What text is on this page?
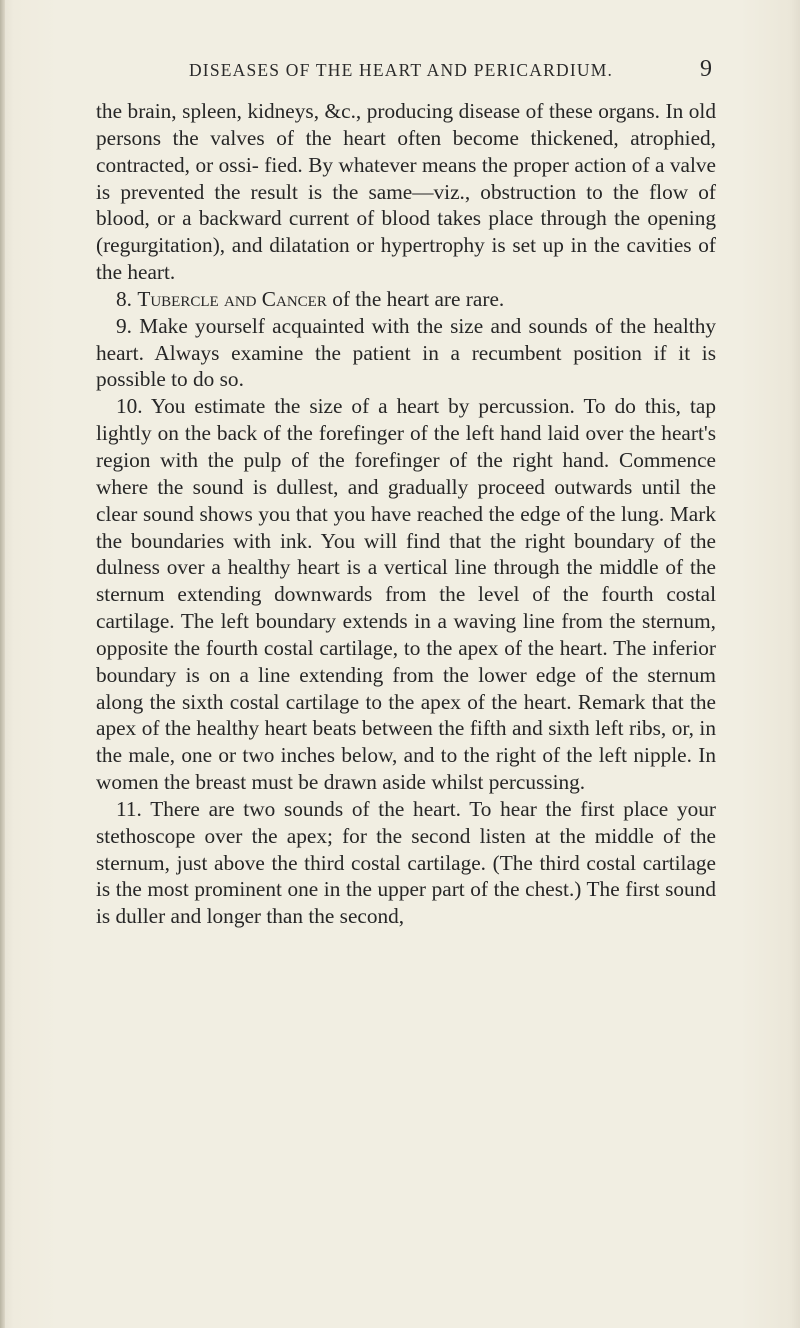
DISEASES OF THE HEART AND PERICARDIUM.	9

the brain, spleen, kidneys, &c., producing disease of these organs. In old persons the valves of the heart often become thickened, atrophied, contracted, or ossi- fied. By whatever means the proper action of a valve is prevented the result is the same—viz., obstruction to the flow of blood, or a backward current of blood takes place through the opening (regurgitation), and dilatation or hypertrophy is set up in the cavities of the heart.

8. Tubercle and Cancer of the heart are rare.

9. Make yourself acquainted with the size and sounds of the healthy heart. Always examine the patient in a recumbent position if it is possible to do so.

10. You estimate the size of a heart by percussion. To do this, tap lightly on the back of the forefinger of the left hand laid over the heart's region with the pulp of the forefinger of the right hand. Commence where the sound is dullest, and gradually proceed outwards until the clear sound shows you that you have reached the edge of the lung. Mark the boundaries with ink. You will find that the right boundary of the dulness over a healthy heart is a vertical line through the middle of the sternum extending downwards from the level of the fourth costal cartilage. The left boundary extends in a waving line from the sternum, opposite the fourth costal cartilage, to the apex of the heart. The inferior boundary is on a line extending from the lower edge of the sternum along the sixth costal cartilage to the apex of the heart. Remark that the apex of the healthy heart beats between the fifth and sixth left ribs, or, in the male, one or two inches below, and to the right of the left nipple. In women the breast must be drawn aside whilst percussing.

11. There are two sounds of the heart. To hear the first place your stethoscope over the apex; for the second listen at the middle of the sternum, just above the third costal cartilage. (The third costal cartilage is the most prominent one in the upper part of the chest.) The first sound is duller and longer than the second,
